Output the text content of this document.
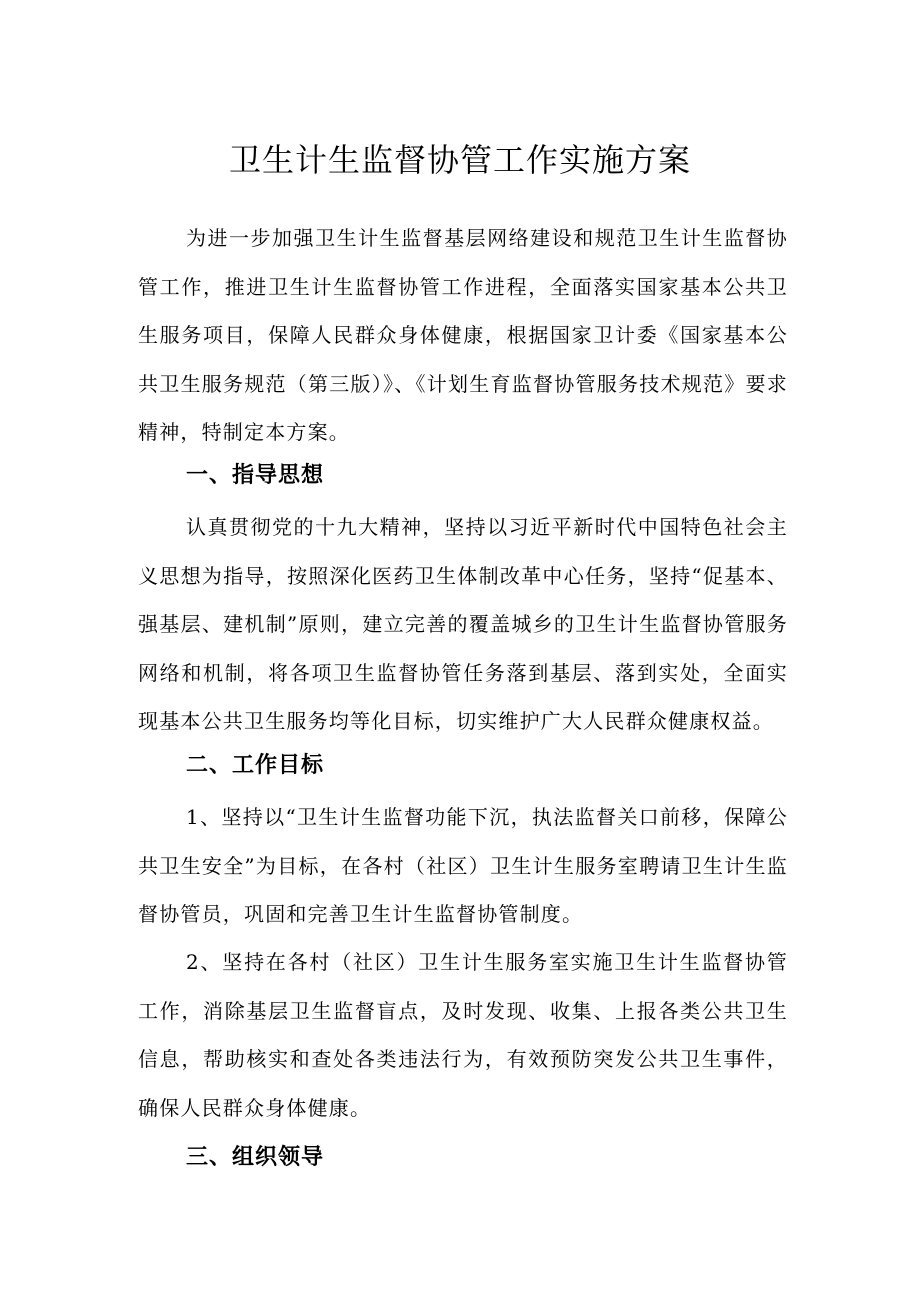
卫生计生监督协管工作实施方案

为进一步加强卫生计生监督基层网络建设和规范卫生计生监督协管工作，推进卫生计生监督协管工作进程，全面落实国家基本公共卫生服务项目，保障人民群众身体健康，根据国家卫计委《国家基本公共卫生服务规范（第三版）》、《计划生育监督协管服务技术规范》要求精神，特制定本方案。

一、指导思想

认真贯彻党的十九大精神，坚持以习近平新时代中国特色社会主义思想为指导，按照深化医药卫生体制改革中心任务，坚持“促基本、强基层、建机制”原则，建立完善的覆盖城乡的卫生计生监督协管服务网络和机制，将各项卫生监督协管任务落到基层、落到实处，全面实现基本公共卫生服务均等化目标，切实维护广大人民群众健康权益。

二、工作目标

1、坚持以“卫生计生监督功能下沉，执法监督关口前移，保障公共卫生安全”为目标，在各村（社区）卫生计生服务室聘请卫生计生监督协管员，巩固和完善卫生计生监督协管制度。

2、坚持在各村（社区）卫生计生服务室实施卫生计生监督协管工作，消除基层卫生监督盲点，及时发现、收集、上报各类公共卫生信息，帮助核实和查处各类违法行为，有效预防突发公共卫生事件，确保人民群众身体健康。

三、组织领导
